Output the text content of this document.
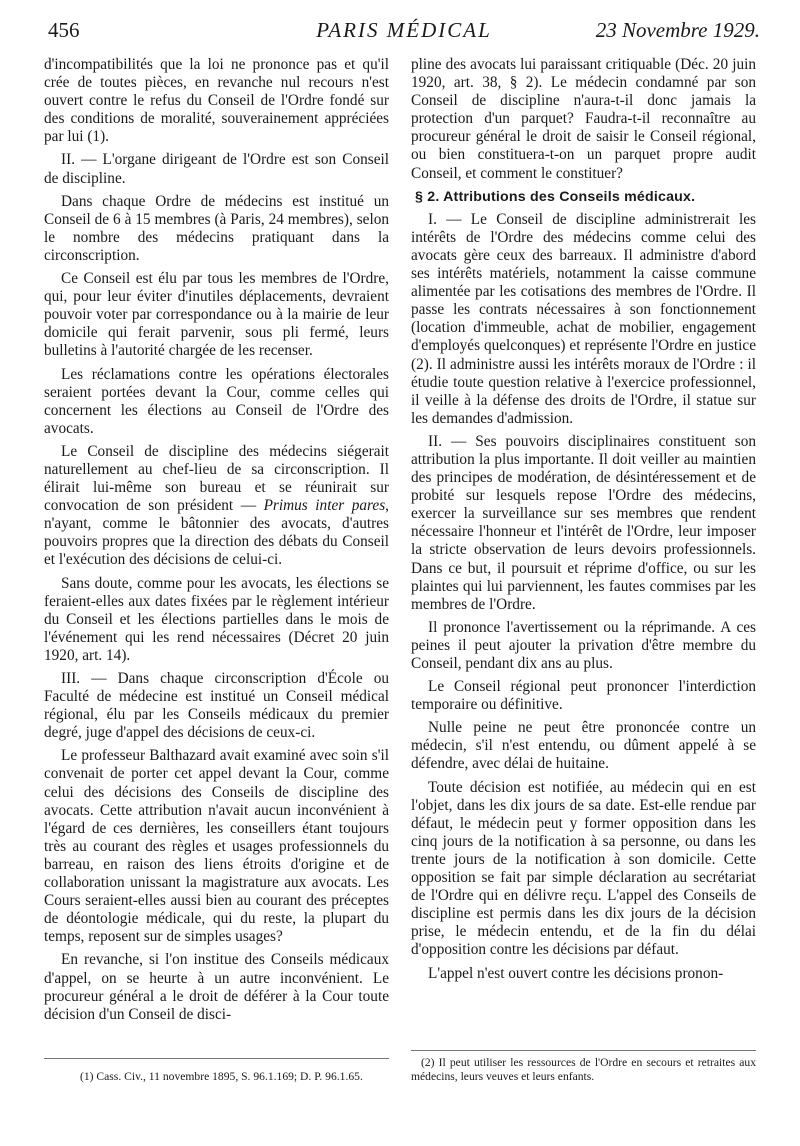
456	PARIS MÉDICAL	23 Novembre 1929.

d'incompatibilités que la loi ne prononce pas et qu'il crée de toutes pièces, en revanche nul recours n'est ouvert contre le refus du Conseil de l'Ordre fondé sur des conditions de moralité, souverainement appréciées par lui (1).

II. — L'organe dirigeant de l'Ordre est son Conseil de discipline.

Dans chaque Ordre de médecins est institué un Conseil de 6 à 15 membres (à Paris, 24 membres), selon le nombre des médecins pratiquant dans la circonscription.

Ce Conseil est élu par tous les membres de l'Ordre, qui, pour leur éviter d'inutiles déplacements, devraient pouvoir voter par correspondance ou à la mairie de leur domicile qui ferait parvenir, sous pli fermé, leurs bulletins à l'autorité chargée de les recenser.

Les réclamations contre les opérations électorales seraient portées devant la Cour, comme celles qui concernent les élections au Conseil de l'Ordre des avocats.

Le Conseil de discipline des médecins siégerait naturellement au chef-lieu de sa circonscription. Il élirait lui-même son bureau et se réunirait sur convocation de son président — Primus inter pares, n'ayant, comme le bâtonnier des avocats, d'autres pouvoirs propres que la direction des débats du Conseil et l'exécution des décisions de celui-ci.

Sans doute, comme pour les avocats, les élections se feraient-elles aux dates fixées par le règlement intérieur du Conseil et les élections partielles dans le mois de l'événement qui les rend nécessaires (Décret 20 juin 1920, art. 14).

III. — Dans chaque circonscription d'École ou Faculté de médecine est institué un Conseil médical régional, élu par les Conseils médicaux du premier degré, juge d'appel des décisions de ceux-ci.

Le professeur Balthazard avait examiné avec soin s'il convenait de porter cet appel devant la Cour, comme celui des décisions des Conseils de discipline des avocats. Cette attribution n'avait aucun inconvénient à l'égard de ces dernières, les conseillers étant toujours très au courant des règles et usages professionnels du barreau, en raison des liens étroits d'origine et de collaboration unissant la magistrature aux avocats. Les Cours seraient-elles aussi bien au courant des préceptes de déontologie médicale, qui du reste, la plupart du temps, reposent sur de simples usages?

En revanche, si l'on institue des Conseils médicaux d'appel, on se heurte à un autre inconvénient. Le procureur général a le droit de déférer à la Cour toute décision d'un Conseil de disci-

pline des avocats lui paraissant critiquable (Déc. 20 juin 1920, art. 38, § 2). Le médecin condamné par son Conseil de discipline n'aura-t-il donc jamais la protection d'un parquet? Faudra-t-il reconnaître au procureur général le droit de saisir le Conseil régional, ou bien constituera-t-on un parquet propre audit Conseil, et comment le constituer?

§ 2. Attributions des Conseils médicaux.

I. — Le Conseil de discipline administrerait les intérêts de l'Ordre des médecins comme celui des avocats gère ceux des barreaux. Il administre d'abord ses intérêts matériels, notamment la caisse commune alimentée par les cotisations des membres de l'Ordre. Il passe les contrats nécessaires à son fonctionnement (location d'immeuble, achat de mobilier, engagement d'employés quelconques) et représente l'Ordre en justice (2). Il administre aussi les intérêts moraux de l'Ordre : il étudie toute question relative à l'exercice professionnel, il veille à la défense des droits de l'Ordre, il statue sur les demandes d'admission.

II. — Ses pouvoirs disciplinaires constituent son attribution la plus importante. Il doit veiller au maintien des principes de modération, de désintéressement et de probité sur lesquels repose l'Ordre des médecins, exercer la surveillance sur ses membres que rendent nécessaire l'honneur et l'intérêt de l'Ordre, leur imposer la stricte observation de leurs devoirs professionnels. Dans ce but, il poursuit et réprime d'office, ou sur les plaintes qui lui parviennent, les fautes commises par les membres de l'Ordre.

Il prononce l'avertissement ou la réprimande. A ces peines il peut ajouter la privation d'être membre du Conseil, pendant dix ans au plus.

Le Conseil régional peut prononcer l'interdiction temporaire ou définitive.

Nulle peine ne peut être prononcée contre un médecin, s'il n'est entendu, ou dûment appelé à se défendre, avec délai de huitaine.

Toute décision est notifiée, au médecin qui en est l'objet, dans les dix jours de sa date. Est-elle rendue par défaut, le médecin peut y former opposition dans les cinq jours de la notification à sa personne, ou dans les trente jours de la notification à son domicile. Cette opposition se fait par simple déclaration au secrétariat de l'Ordre qui en délivre reçu. L'appel des Conseils de discipline est permis dans les dix jours de la décision prise, le médecin entendu, et de la fin du délai d'opposition contre les décisions par défaut.

L'appel n'est ouvert contre les décisions pronon-

(1) Cass. Civ., 11 novembre 1895, S. 96.1.169; D. P. 96.1.65.
(2) Il peut utiliser les ressources de l'Ordre en secours et retraites aux médecins, leurs veuves et leurs enfants.
